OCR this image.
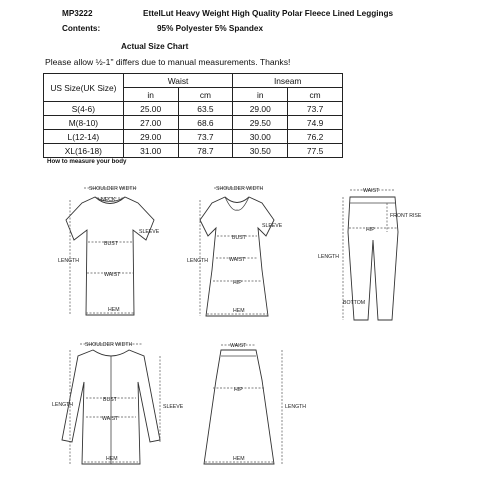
MP3222	EttelLut Heavy Weight High Quality Polar Fleece Lined Leggings
Contents:	95% Polyester 5% Spandex
Actual Size Chart
Please allow ½-1" differs due to manual measurements. Thanks!
US Size(UK Size)	Waist		Inseam	
	in	cm	in	cm
S(4-6)	25.00	63.5	29.00	73.7
M(8-10)	27.00	68.6	29.50	74.9
L(12-14)	29.00	73.7	30.00	76.2
XL(16-18)	31.00	78.7	30.50	77.5
How to measure your body
SHOULDER WIDTH
NECK
SLEEVE
BUST
LENGTH
WAIST
HEM
SHOULDER WIDTH
SLEEVE
BUST
LENGTH	WAIST
HIP
HEM
WAIST
FRONT RISE
HIP
LENGTH
BOTTOM
SHOULDER WIDTH
BUST
WAIST
LENGTH	SLEEVE
HEM
WAIST
HIP
LENGTH
HEM
